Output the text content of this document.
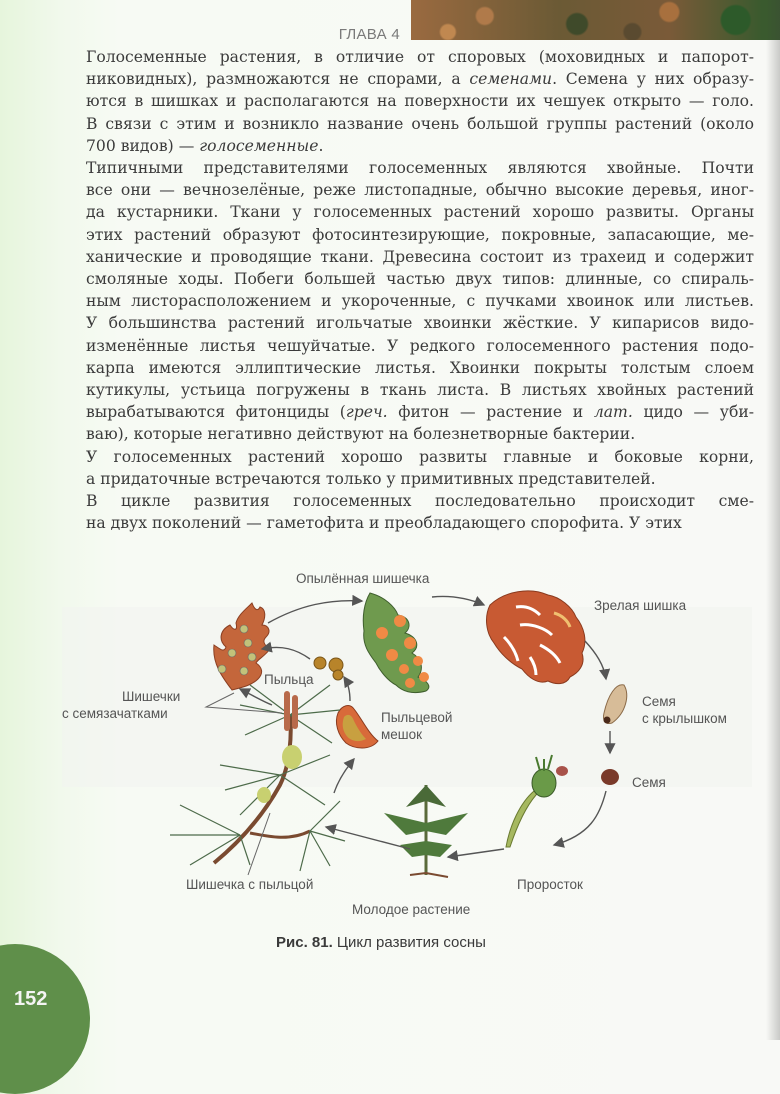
ГЛАВА 4

Голосеменные растения, в отличие от споровых (моховидных и папорот-
никовидных), размножаются не спорами, а семенами. Семена у них образу-
ются в шишках и располагаются на поверхности их чешуек открыто — голо.
В связи с этим и возникло название очень большой группы растений (около
700 видов) — голосеменные.

Типичными представителями голосеменных являются хвойные. Почти
все они — вечнозелёные, реже листопадные, обычно высокие деревья, иног-
да кустарники. Ткани у голосеменных растений хорошо развиты. Органы
этих растений образуют фотосинтезирующие, покровные, запасающие, ме-
ханические и проводящие ткани. Древесина состоит из трахеид и содержит
смоляные ходы. Побеги большей частью двух типов: длинные, со спираль-
ным листорасположением и укороченные, с пучками хвоинок или листьев.
У большинства растений игольчатые хвоинки жёсткие. У кипарисов видо-
изменённые листья чешуйчатые. У редкого голосеменного растения подо-
карпа имеются эллиптические листья. Хвоинки покрыты толстым слоем
кутикулы, устьица погружены в ткань листа. В листьях хвойных растений
вырабатываются фитонциды (греч. фитон — растение и лат. цидо — уби-
ваю), которые негативно действуют на болезнетворные бактерии.

У голосеменных растений хорошо развиты главные и боковые корни,
а придаточные встречаются только у примитивных представителей.

В цикле развития голосеменных последовательно происходит сме-
на двух поколений — гаметофита и преобладающего спорофита. У этих

Опылённая шишечка
Зрелая шишка
Пыльца
Шишечки
с семязачатками	Пыльцевой
мешок
Семя
с крылышком
Семя
Шишечка с пыльцой
Молодое растение
Проросток
Рис. 81. Цикл развития сосны
152
